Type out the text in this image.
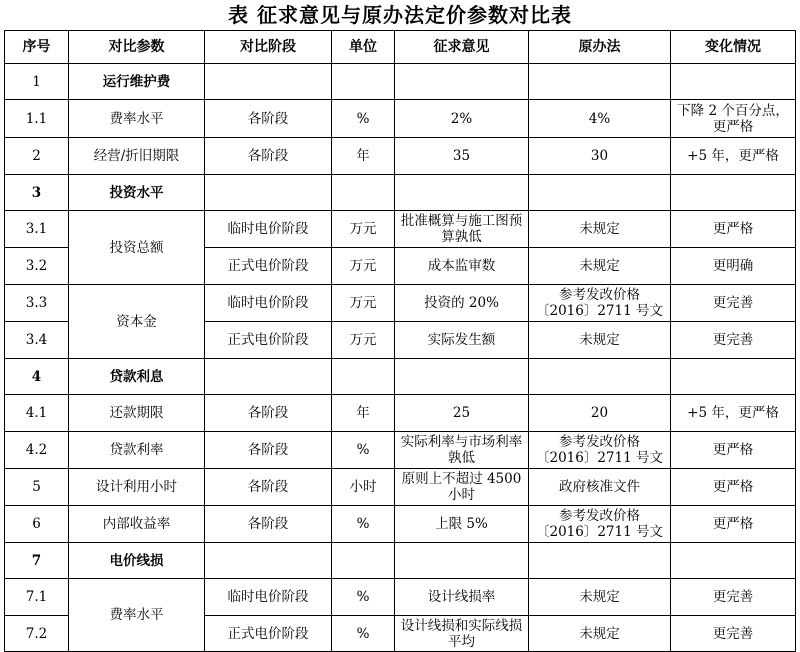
表 征求意见与原办法定价参数对比表
序号	对比参数	对比阶段	单位	征求意见	原办法	变化情况
1	运行维护费					
1.1	费率水平	各阶段	%	2%	4%	下降 2 个百分点，更严格
2	经营/折旧期限	各阶段	年	35	30	+5 年，更严格
3	投资水平					
3.1	投资总额	临时电价阶段	万元	批准概算与施工图预算孰低	未规定	更严格
3.2		正式电价阶段	万元	成本监审数	未规定	更明确
3.3	资本金	临时电价阶段	万元	投资的 20%	参考发改价格〔2016〕2711 号文	更完善
3.4		正式电价阶段	万元	实际发生额	未规定	更完善
4	贷款利息					
4.1	还款期限	各阶段	年	25	20	+5 年，更严格
4.2	贷款利率	各阶段	%	实际利率与市场利率孰低	参考发改价格〔2016〕2711 号文	更严格
5	设计利用小时	各阶段	小时	原则上不超过 4500 小时	政府核准文件	更严格
6	内部收益率	各阶段	%	上限 5%	参考发改价格〔2016〕2711 号文	更严格
7	电价线损					
7.1	费率水平	临时电价阶段	%	设计线损率	未规定	更完善
7.2		正式电价阶段	%	设计线损和实际线损平均	未规定	更完善
